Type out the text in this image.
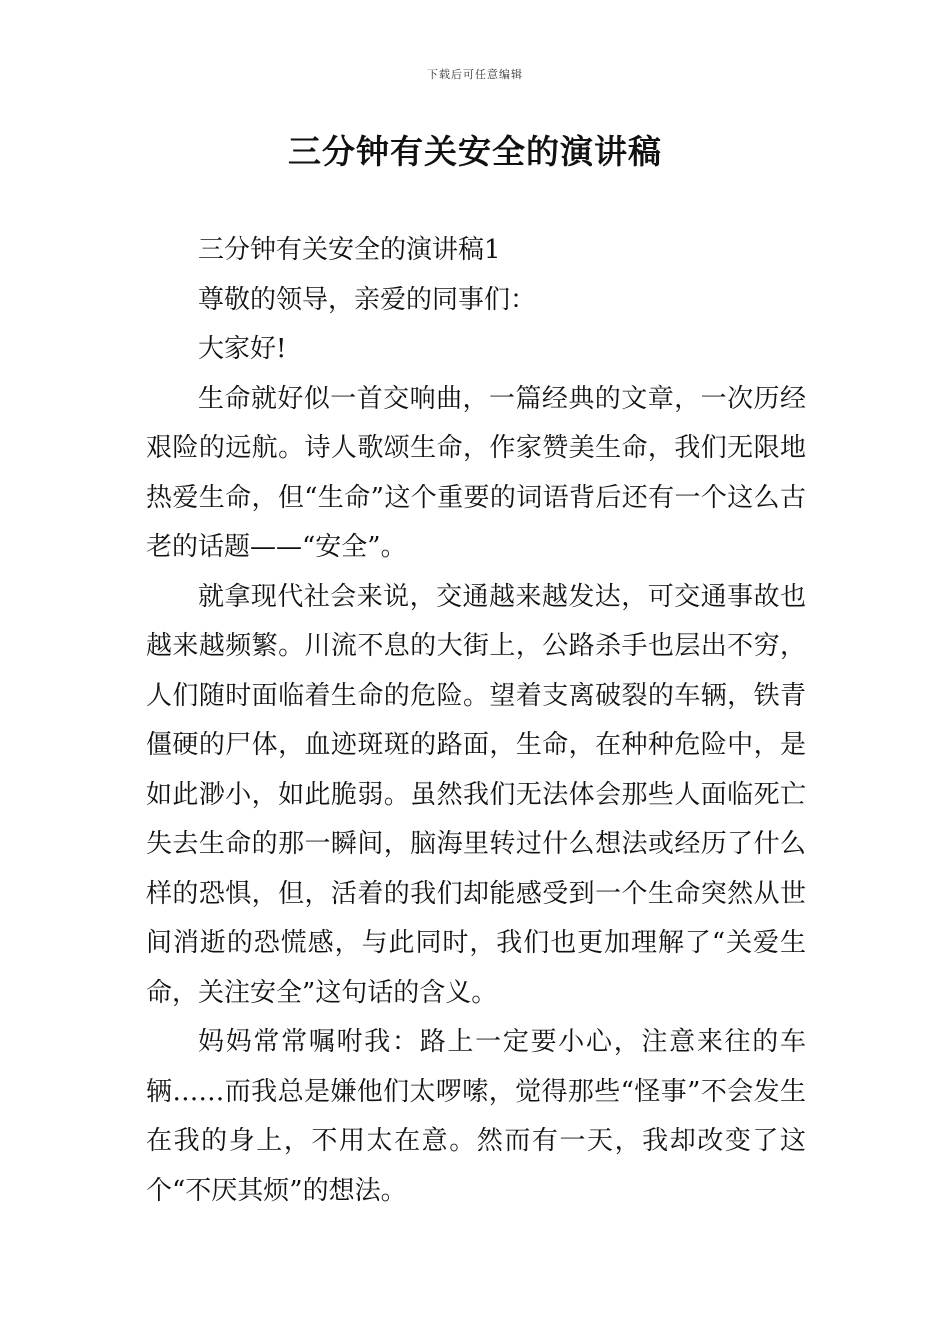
下载后可任意编辑
三分钟有关安全的演讲稿

三分钟有关安全的演讲稿1

尊敬的领导，亲爱的同事们：

大家好!

生命就好似一首交响曲，一篇经典的文章，一次历经艰险的远航。诗人歌颂生命，作家赞美生命，我们无限地热爱生命，但“生命”这个重要的词语背后还有一个这么古老的话题——“安全”。

就拿现代社会来说，交通越来越发达，可交通事故也越来越频繁。川流不息的大街上，公路杀手也层出不穷，人们随时面临着生命的危险。望着支离破裂的车辆，铁青僵硬的尸体，血迹斑斑的路面，生命，在种种危险中，是如此渺小，如此脆弱。虽然我们无法体会那些人面临死亡失去生命的那一瞬间，脑海里转过什么想法或经历了什么样的恐惧，但，活着的我们却能感受到一个生命突然从世间消逝的恐慌感，与此同时，我们也更加理解了“关爱生命，关注安全”这句话的含义。

妈妈常常嘱咐我：路上一定要小心，注意来往的车辆……而我总是嫌他们太啰嗦，觉得那些“怪事”不会发生在我的身上，不用太在意。然而有一天，我却改变了这个“不厌其烦”的想法。
